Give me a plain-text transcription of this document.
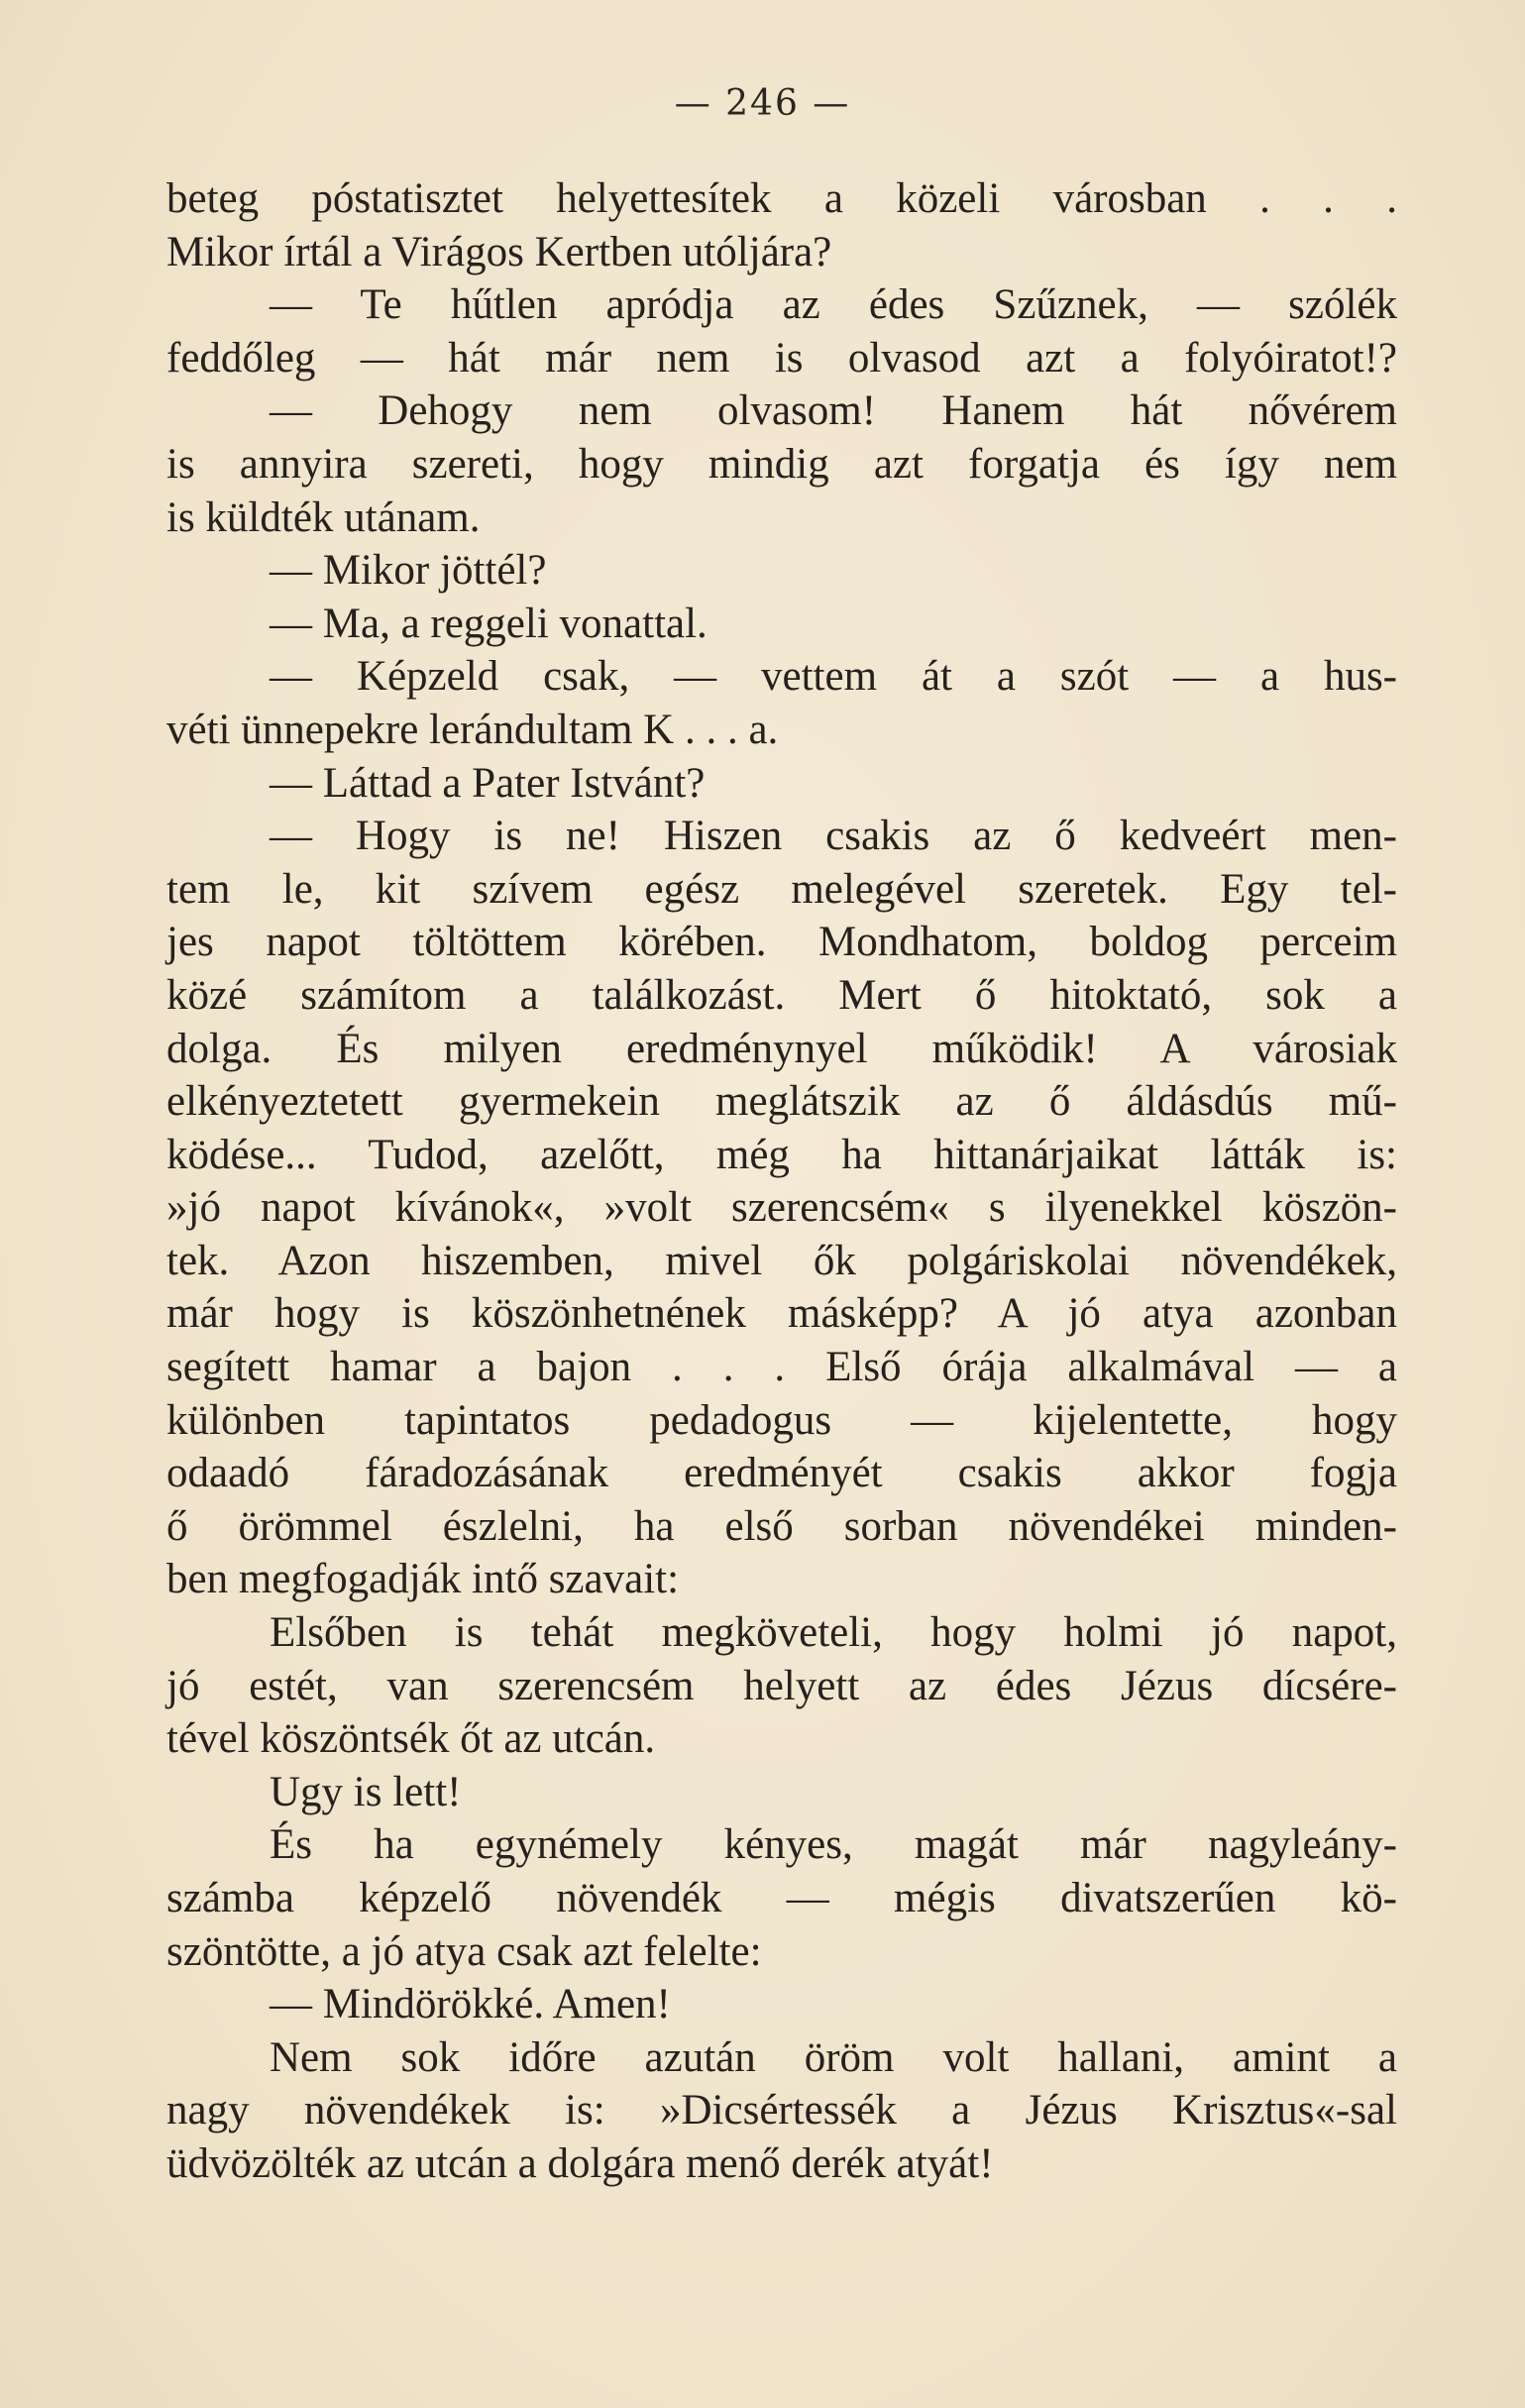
— 246 —
beteg póstatisztet helyettesítek a közeli városban . . .
Mikor írtál a Virágos Kertben utóljára?
— Te hűtlen apródja az édes Szűznek, — szólék
feddőleg — hát már nem is olvasod azt a folyóiratot!?
— Dehogy nem olvasom! Hanem hát nővérem
is annyira szereti, hogy mindig azt forgatja és így nem
is küldték utánam.
— Mikor jöttél?
— Ma, a reggeli vonattal.
— Képzeld csak, — vettem át a szót — a hus-
véti ünnepekre lerándultam K . . . a.
— Láttad a Pater Istvánt?
— Hogy is ne! Hiszen csakis az ő kedveért men-
tem le, kit szívem egész melegével szeretek. Egy tel-
jes napot töltöttem körében. Mondhatom, boldog perceim
közé számítom a találkozást. Mert ő hitoktató, sok a
dolga. És milyen eredménynyel működik! A városiak
elkényeztetett gyermekein meglátszik az ő áldásdús mű-
ködése... Tudod, azelőtt, még ha hittanárjaikat látták is:
»jó napot kívánok«, »volt szerencsém« s ilyenekkel köszön-
tek. Azon hiszemben, mivel ők polgáriskolai növendékek,
már hogy is köszönhetnének másképp? A jó atya azonban
segített hamar a bajon . . . Első órája alkalmával — a
különben tapintatos pedadogus — kijelentette, hogy
odaadó fáradozásának eredményét csakis akkor fogja
ő örömmel észlelni, ha első sorban növendékei minden-
ben megfogadják intő szavait:
Elsőben is tehát megköveteli, hogy holmi jó napot,
jó estét, van szerencsém helyett az édes Jézus dícsére-
tével köszöntsék őt az utcán.
Ugy is lett!
És ha egynémely kényes, magát már nagyleány-
számba képzelő növendék — mégis divatszerűen kö-
szöntötte, a jó atya csak azt felelte:
— Mindörökké. Amen!
Nem sok időre azután öröm volt hallani, amint a
nagy növendékek is: »Dicsértessék a Jézus Krisztus«-sal
üdvözölték az utcán a dolgára menő derék atyát!
